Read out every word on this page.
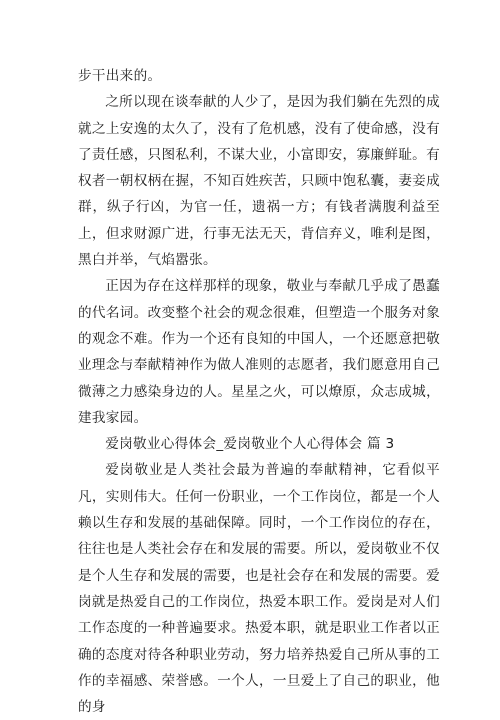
步干出来的。

之所以现在谈奉献的人少了，是因为我们躺在先烈的成就之上安逸的太久了，没有了危机感，没有了使命感，没有了责任感，只图私利，不谋大业，小富即安，寡廉鲜耻。有权者一朝权柄在握，不知百姓疾苦，只顾中饱私囊，妻妾成群，纵子行凶，为官一任，遗祸一方；有钱者满腹利益至上，但求财源广进，行事无法无天，背信弃义，唯利是图，黑白并举，气焰嚣张。

正因为存在这样那样的现象，敬业与奉献几乎成了愚蠢的代名词。改变整个社会的观念很难，但塑造一个服务对象的观念不难。作为一个还有良知的中国人，一个还愿意把敬业理念与奉献精神作为做人准则的志愿者，我们愿意用自己微薄之力感染身边的人。星星之火，可以燎原，众志成城，建我家园。

爱岗敬业心得体会_爱岗敬业个人心得体会 篇 3

爱岗敬业是人类社会最为普遍的奉献精神，它看似平凡，实则伟大。任何一份职业，一个工作岗位，都是一个人赖以生存和发展的基础保障。同时，一个工作岗位的存在，往往也是人类社会存在和发展的需要。所以，爱岗敬业不仅是个人生存和发展的需要，也是社会存在和发展的需要。爱岗就是热爱自己的工作岗位，热爱本职工作。爱岗是对人们工作态度的一种普遍要求。热爱本职，就是职业工作者以正确的态度对待各种职业劳动，努力培养热爱自己所从事的工作的幸福感、荣誉感。一个人，一旦爱上了自己的职业，他的身
